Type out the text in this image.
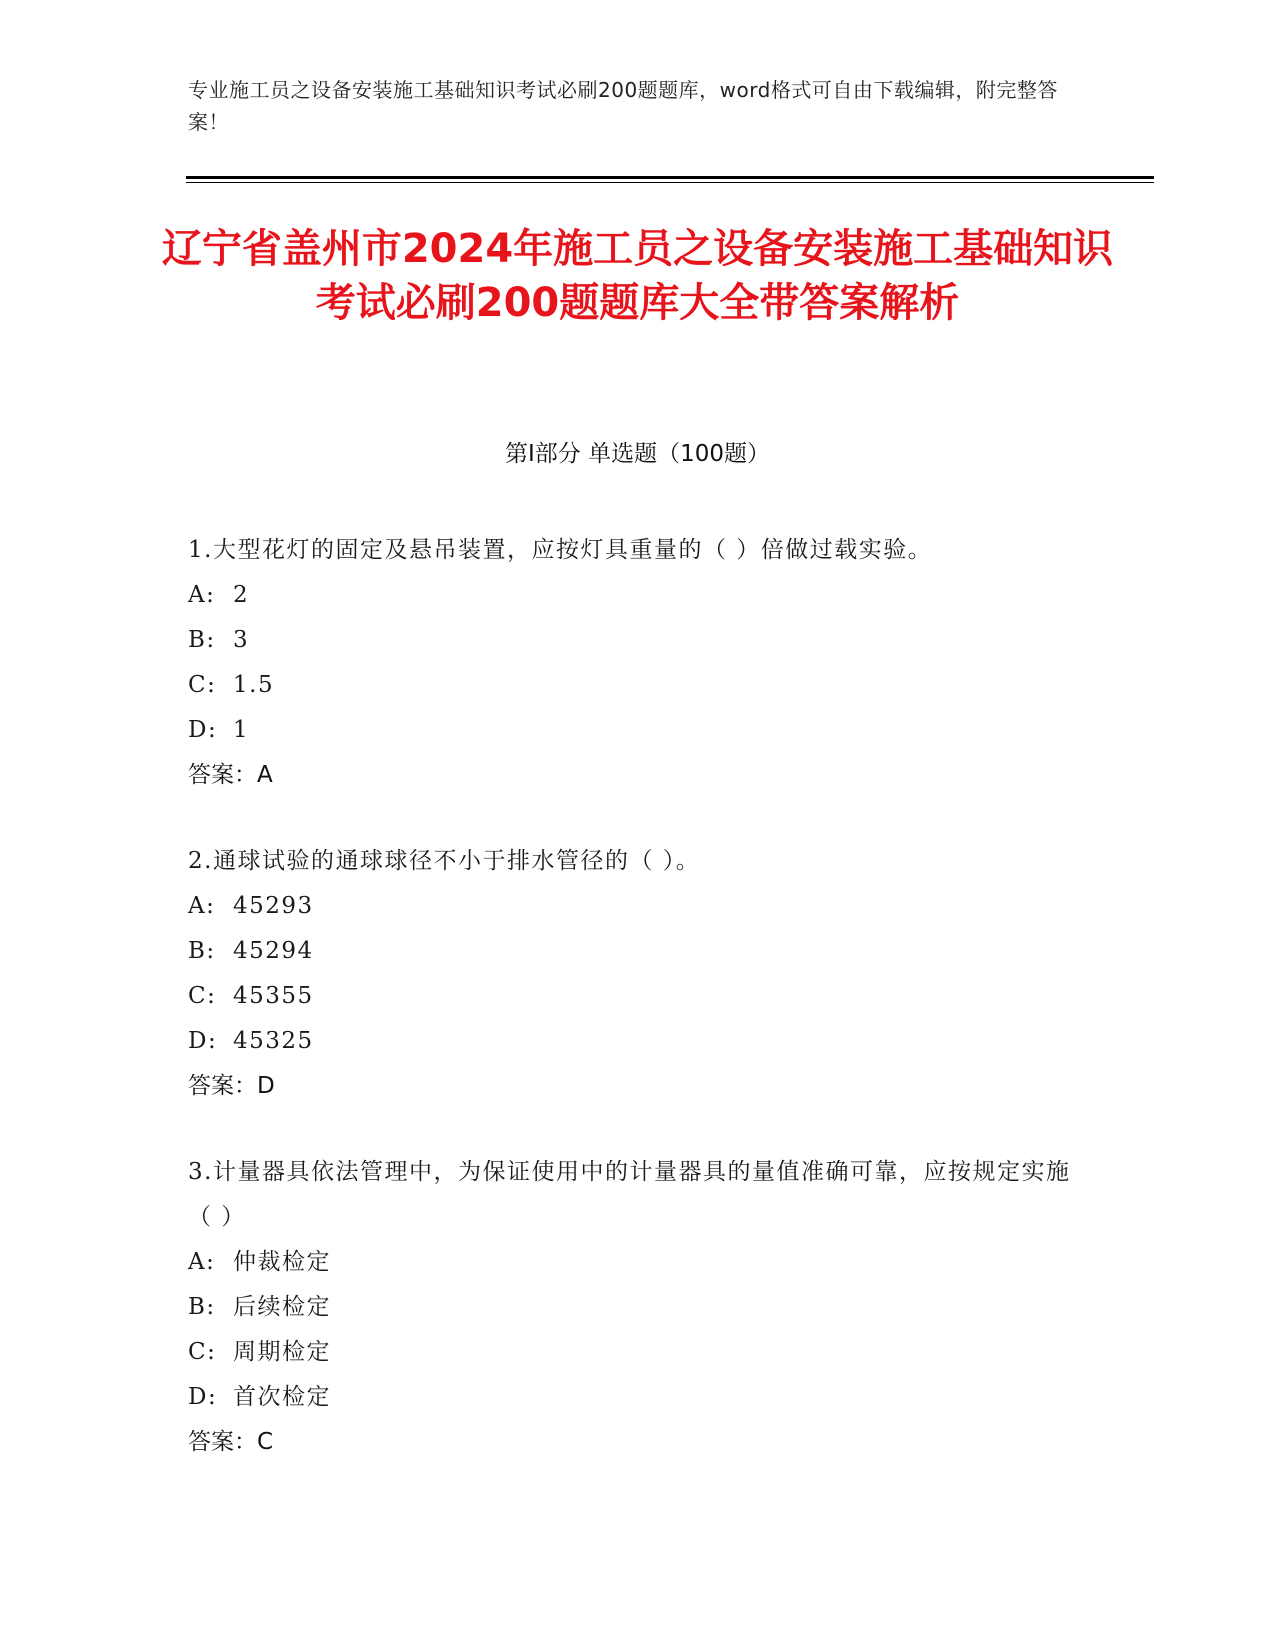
专业施工员之设备安装施工基础知识考试必刷200题题库，word格式可自由下载编辑，附完整答案！
辽宁省盖州市2024年施工员之设备安装施工基础知识考试必刷200题题库大全带答案解析
第I部分 单选题（100题）

1.大型花灯的固定及悬吊装置，应按灯具重量的（ ）倍做过载实验。

A: 2
B: 3
C: 1.5
D: 1
答案：A

2.通球试验的通球球径不小于排水管径的（ ）。

A: 45293
B: 45294
C: 45355
D: 45325
答案：D

3.计量器具依法管理中，为保证使用中的计量器具的量值准确可靠，应按规定实施（ ）

A: 仲裁检定
B: 后续检定
C: 周期检定
D: 首次检定
答案：C
